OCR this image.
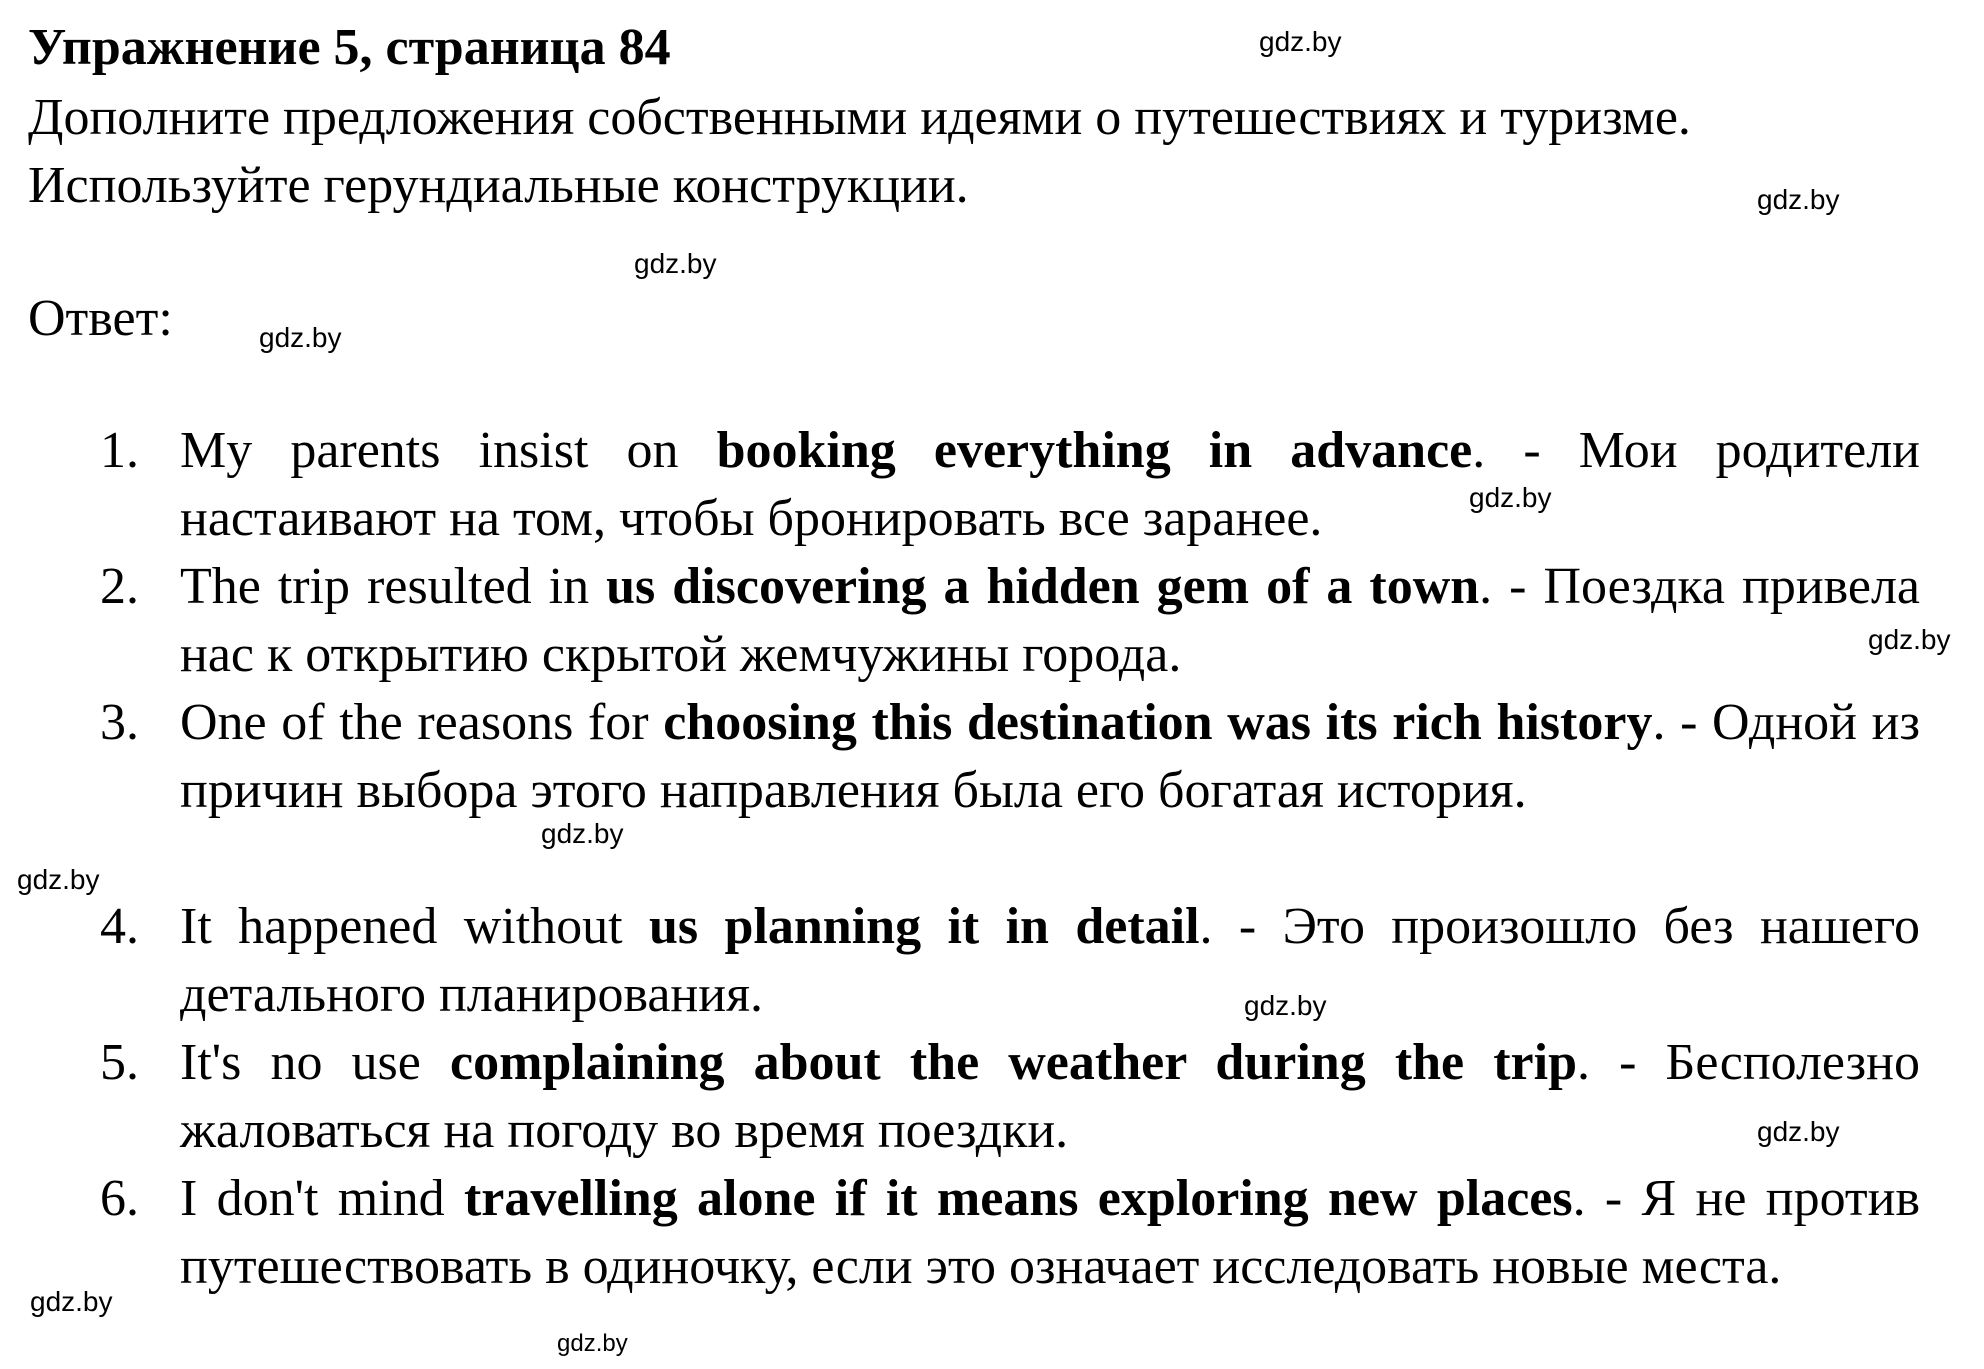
Упражнение 5, страница 84
Дополните предложения собственными идеями о путешествиях и туризме.
Используйте герундиальные конструкции.
Ответ:
1. My parents insist on booking everything in advance. - Мои родители настаивают на том, чтобы бронировать все заранее.
2. The trip resulted in us discovering a hidden gem of a town. - Поездка привела нас к открытию скрытой жемчужины города.
3. One of the reasons for choosing this destination was its rich history. - Одной из причин выбора этого направления была его богатая история.
4. It happened without us planning it in detail. - Это произошло без нашего детального планирования.
5. It's no use complaining about the weather during the trip. - Бесполезно жаловаться на погоду во время поездки.
6. I don't mind travelling alone if it means exploring new places. - Я не против путешествовать в одиночку, если это означает исследовать новые места.
gdz.by
gdz.by
gdz.by
gdz.by
gdz.by
gdz.by
gdz.by
gdz.by
gdz.by
gdz.by
gdz.by
gdz.by
